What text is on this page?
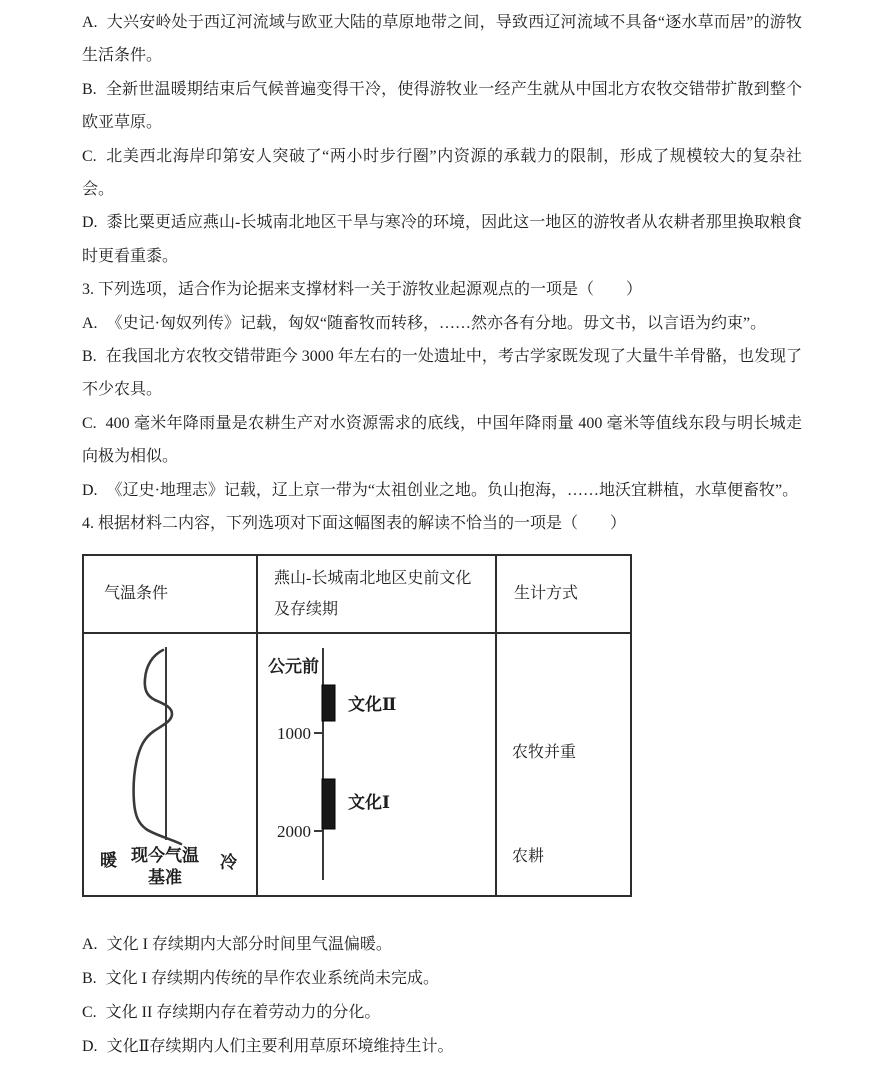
A. 大兴安岭处于西辽河流域与欧亚大陆的草原地带之间，导致西辽河流域不具备“逐水草而居”的游牧生活条件。

B. 全新世温暖期结束后气候普遍变得干冷，使得游牧业一经产生就从中国北方农牧交错带扩散到整个欧亚草原。

C. 北美西北海岸印第安人突破了“两小时步行圈”内资源的承载力的限制，形成了规模较大的复杂社会。

D. 黍比粟更适应燕山-长城南北地区干旱与寒冷的环境，因此这一地区的游牧者从农耕者那里换取粮食时更看重黍。

3. 下列选项，适合作为论据来支撑材料一关于游牧业起源观点的一项是（　　）

A. 《史记·匈奴列传》记载，匈奴“随畜牧而转移，……然亦各有分地。毋文书，以言语为约束”。

B. 在我国北方农牧交错带距今 3000 年左右的一处遗址中，考古学家既发现了大量牛羊骨骼，也发现了不少农具。

C. 400 毫米年降雨量是农耕生产对水资源需求的底线，中国年降雨量 400 毫米等值线东段与明长城走向极为相似。

D. 《辽史·地理志》记载，辽上京一带为“太祖创业之地。负山抱海，……地沃宜耕植，水草便畜牧”。

4. 根据材料二内容，下列选项对下面这幅图表的解读不恰当的一项是（　　）

气温条件
燕山-长城南北地区史前文化及存续期
生计方式
暖 现今气温
基准
冷
公元前
文化Ⅱ
1000
文化Ⅰ
2000
农牧并重
农耕

A. 文化 I 存续期内大部分时间里气温偏暖。

B. 文化 I 存续期内传统的旱作农业系统尚未完成。

C. 文化 II 存续期内存在着劳动力的分化。

D. 文化Ⅱ存续期内人们主要利用草原环境维持生计。
